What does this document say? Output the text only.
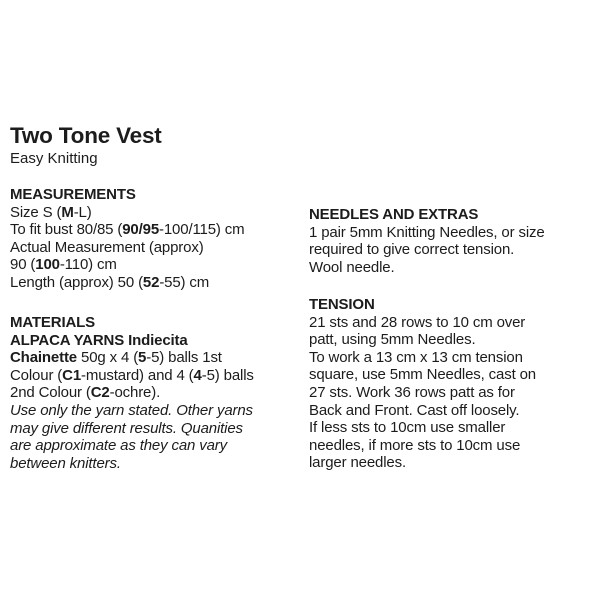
Two Tone Vest
Easy Knitting
MEASUREMENTS
Size S (M-L)
To fit bust 80/85 (90/95-100/115) cm
Actual Measurement (approx)
90 (100-110) cm
Length (approx) 50 (52-55) cm
MATERIALS
ALPACA YARNS Indiecita
Chainette 50g x 4 (5-5) balls 1st
Colour (C1-mustard) and 4 (4-5) balls
2nd Colour (C2-ochre).
Use only the yarn stated. Other yarns
may give different results. Quanities
are approximate as they can vary
between knitters.
NEEDLES AND EXTRAS
1 pair 5mm Knitting Needles, or size
required to give correct tension.
Wool needle.
TENSION
21 sts and 28 rows to 10 cm over
patt, using 5mm Needles.
To work a 13 cm x 13 cm tension
square, use 5mm Needles, cast on
27 sts. Work 36 rows patt as for
Back and Front. Cast off loosely.
If less sts to 10cm use smaller
needles, if more sts to 10cm use
larger needles.
